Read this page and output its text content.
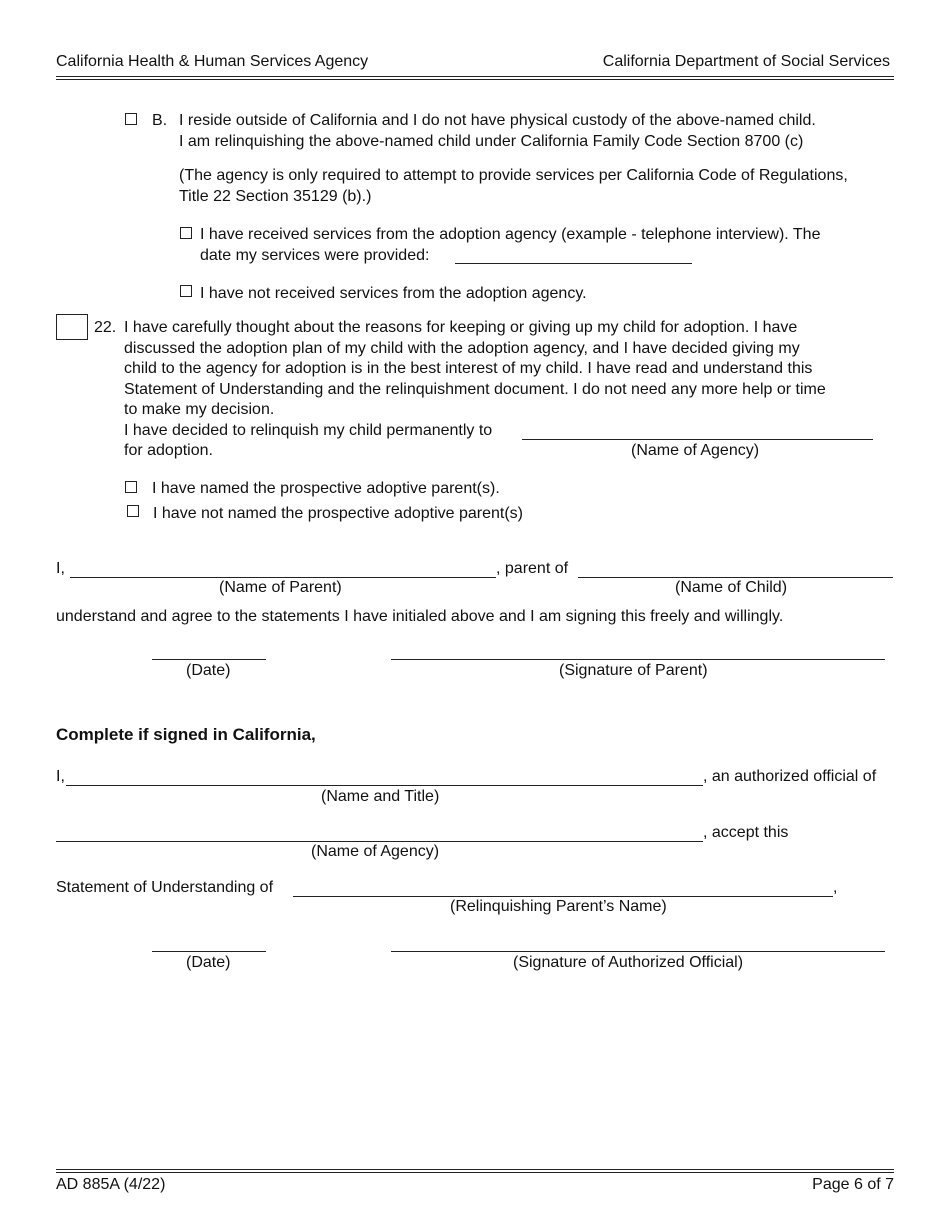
California Health & Human Services Agency	California Department of Social Services
B. I reside outside of California and I do not have physical custody of the above-named child.
I am relinquishing the above-named child under California Family Code Section 8700 (c)
(The agency is only required to attempt to provide services per California Code of Regulations,
Title 22 Section 35129 (b).)
I have received services from the adoption agency (example - telephone interview). The
date my services were provided:
I have not received services from the adoption agency.
22. I have carefully thought about the reasons for keeping or giving up my child for adoption. I have
discussed the adoption plan of my child with the adoption agency, and I have decided giving my
child to the agency for adoption is in the best interest of my child. I have read and understand this
Statement of Understanding and the relinquishment document. I do not need any more help or time
to make my decision.
I have decided to relinquish my child permanently to
for adoption.	(Name of Agency)
I have named the prospective adoptive parent(s).
I have not named the prospective adoptive parent(s)
I,	, parent of
(Name of Parent)	(Name of Child)
understand and agree to the statements I have initialed above and I am signing this freely and willingly.
(Date)	(Signature of Parent)
Complete if signed in California,
I,	, an authorized official of
(Name and Title)
, accept this
(Name of Agency)
Statement of Understanding of	,
(Relinquishing Parent’s Name)
(Date)	(Signature of Authorized Official)
AD 885A (4/22)	Page 6 of 7
